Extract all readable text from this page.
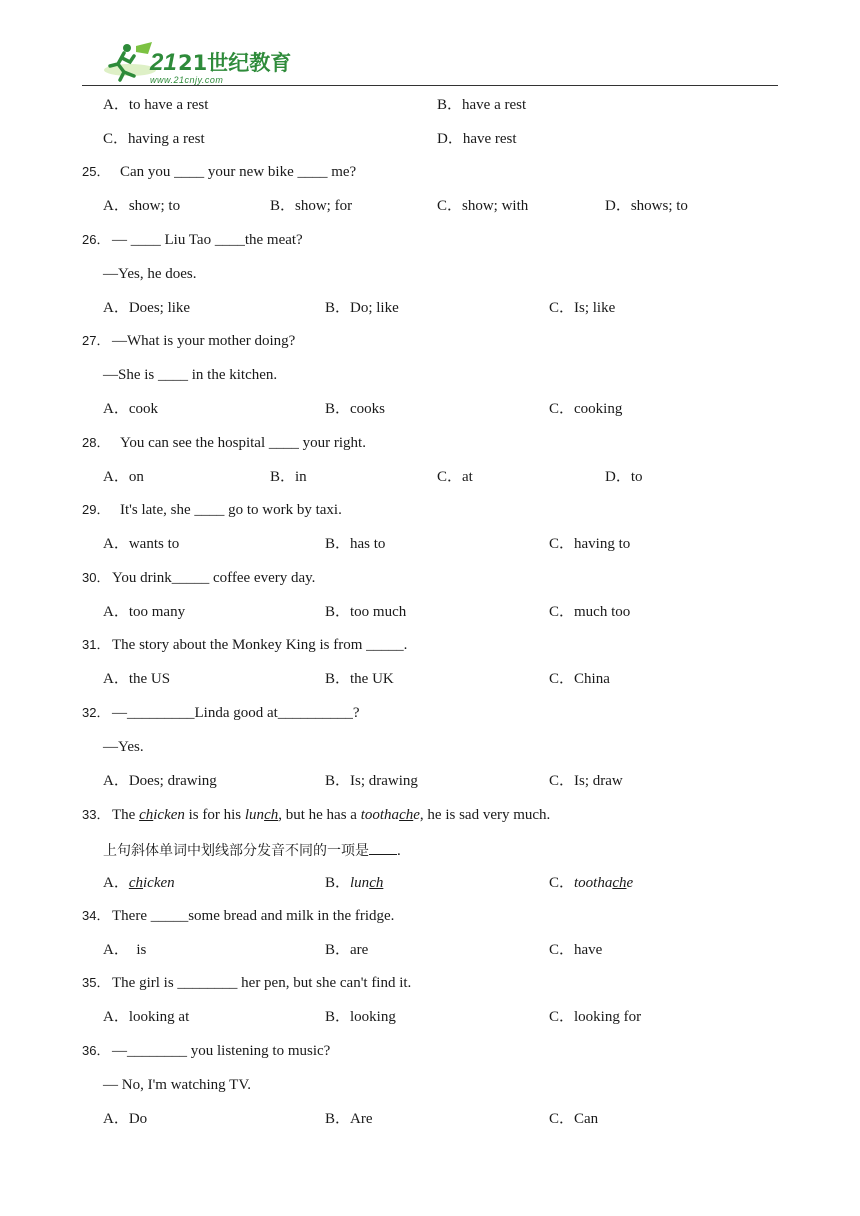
21 21世纪教育
www.21cnjy.com
A．to have a rest	B．have a rest
C．having a rest	D．have rest
25． Can you ____ your new bike ____ me?
A．show; to	B．show; for	C．show; with	D．shows; to
26． — ____ Liu Tao ____the meat?
—Yes, he does.
A．Does; like	B．Do; like	C．Is; like
27． —What is your mother doing?
—She is ____ in the kitchen.
A．cook	B．cooks	C．cooking
28． You can see the hospital ____ your right.
A．on	B．in	C．at	D．to
29． It's late, she ____ go to work by taxi.
A．wants to	B．has to	C．having to
30． You drink_____ coffee every day.
A．too many	B．too much	C．much too
31． The story about the Monkey King is from _____.
A．the US	B．the UK	C．China
32． —_________Linda good at__________?
—Yes.
A．Does; drawing	B．Is; drawing	C．Is; draw
33． The chicken is for his lunch, but he has a toothache, he is sad very much.
上句斜体单词中划线部分发音不同的一项是 .
A．chicken	B．lunch	C．toothache
34． There _____some bread and milk in the fridge.
A．  is	B．are	C．have
35． The girl is ________ her pen, but she can't find it.
A．looking at	B．looking	C．looking for
36． —________ you listening to music?
— No, I'm watching TV.
A．Do	B．Are	C．Can
